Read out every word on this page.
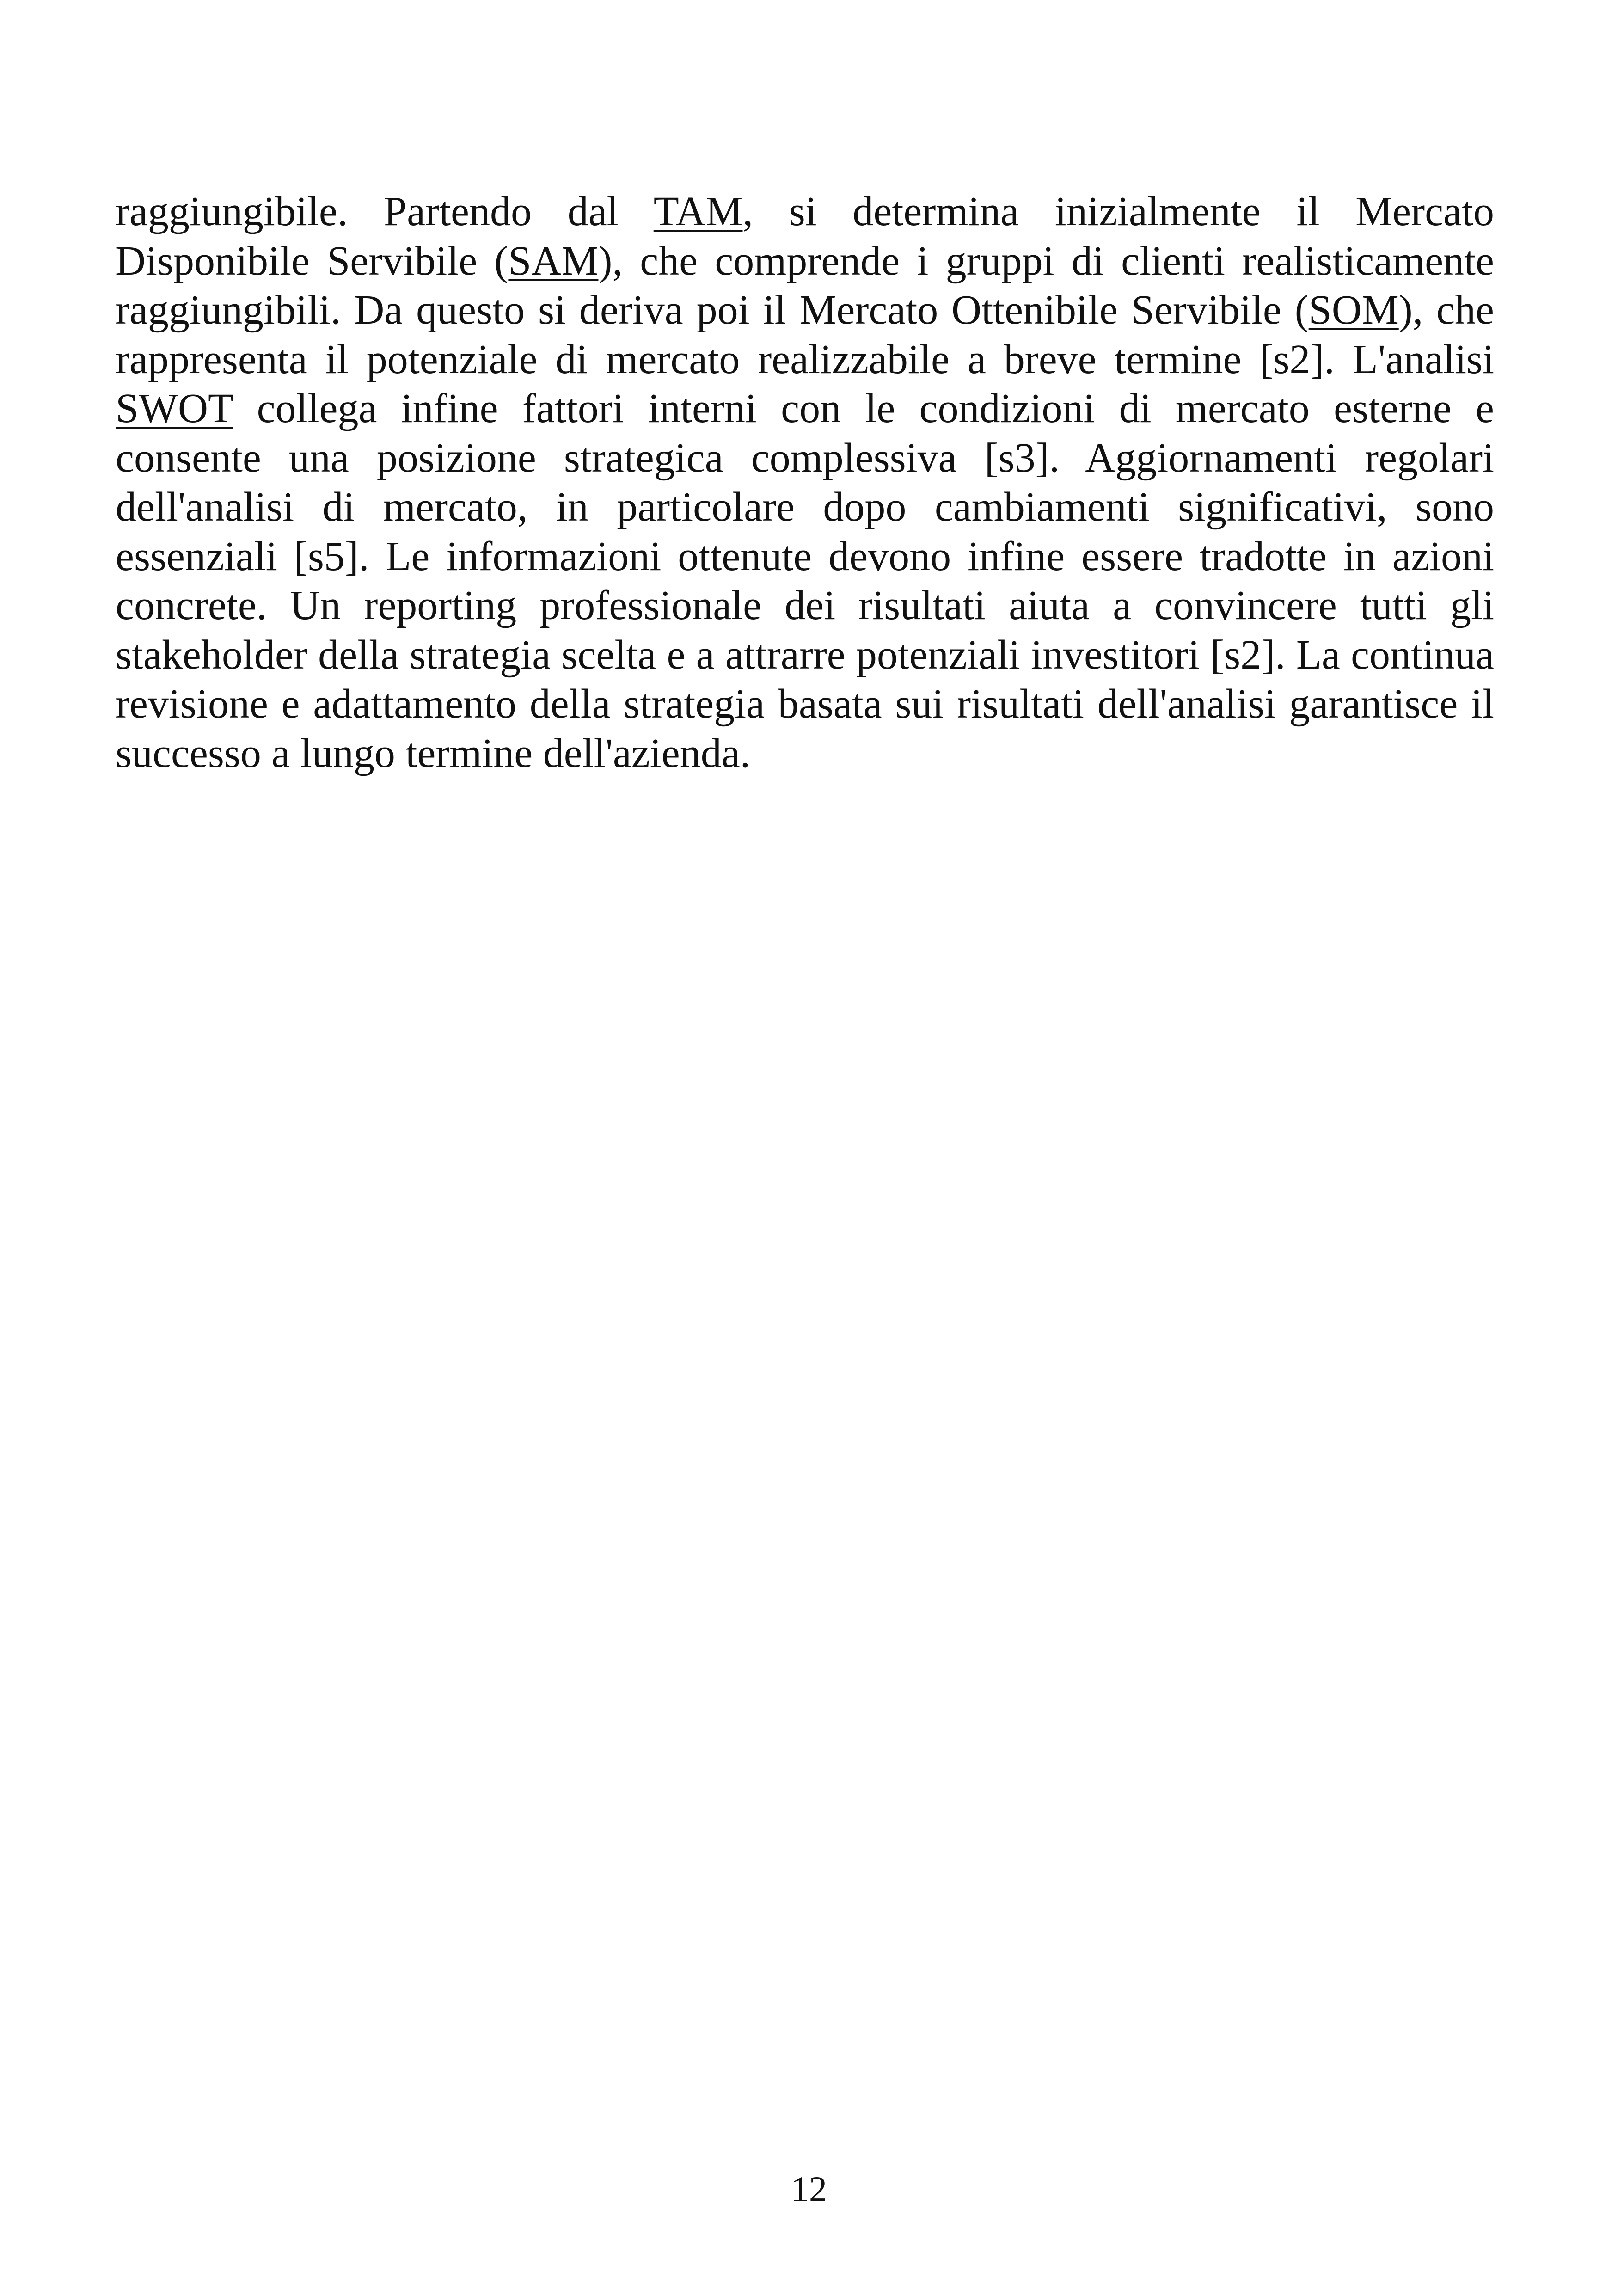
raggiungibile. Partendo dal TAM, si determina inizialmente il Mercato Disponibile Servibile (SAM), che comprende i gruppi di clienti realisticamente raggiungibili. Da questo si deriva poi il Mercato Ottenibile Servibile (SOM), che rappresenta il potenziale di mercato realizzabile a breve termine [s2]. L'analisi SWOT collega infine fattori interni con le condizioni di mercato esterne e consente una posizione strategica complessiva [s3]. Aggiornamenti regolari dell'analisi di mercato, in particolare dopo cambiamenti significativi, sono essenziali [s5]. Le informazioni ottenute devono infine essere tradotte in azioni concrete. Un reporting professionale dei risultati aiuta a convincere tutti gli stakeholder della strategia scelta e a attrarre potenziali investitori [s2]. La continua revisione e adattamento della strategia basata sui risultati dell'analisi garantisce il successo a lungo termine dell'azienda.

12
